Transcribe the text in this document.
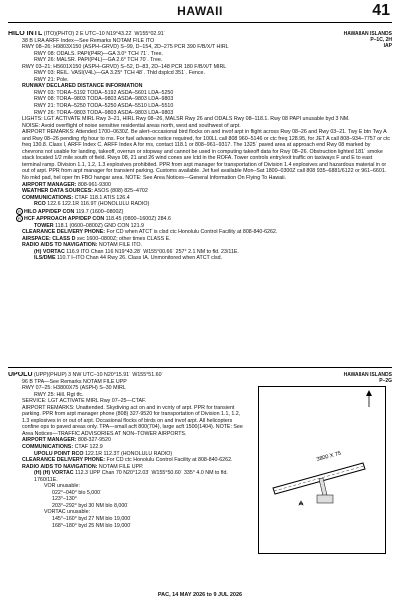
HAWAII	41
HAWAIIAN ISLANDS
P–1C, 2H
IAP
HILO INTL (ITO)(PHTO) 2 E UTC–10 N19°43.22´ W155°02.91´
38 B LRA ARFF Index—See Remarks NOTAM FILE ITO
RWY 08–26: H9803X150 (ASPH–GRVD) S–99, D–154, 2D–275 PCR 390 F/B/X/T HIRL
RWY 08: ODALS. PAPI(P4R)—GA 3.0° TCH 71´. Tree.
RWY 26: MALSR. PAPI(P4L)—GA 2.6° TCH 70´. Tree.
RWY 03–21: H5601X150 (ASPH–GRVD) S–52, D–83, 2D–148 PCR 180 F/B/X/T MIRL
RWY 03: REIL. VASI(V4L)—GA 3.25° TCH 48´. Thld dsplcd 351´. Fence.
RWY 21: Pole.
RUNWAY DECLARED DISTANCE INFORMATION
RWY 03: TORA–5192 TODA–5192 ASDA–5601 LDA–5250
RWY 08: TORA–9803 TODA–9803 ASDA–9803 LDA–9803
RWY 21: TORA–5250 TODA–5250 ASDA–5510 LDA–5510
RWY 26: TORA–9803 TODA–9803 ASDA–9803 LDA–9803
LIGHTS: LGT ACTIVATE MIRL Rwy 3–21, HIRL Rwy 08–26, MALSR Rwy 26 and ODALS Rwy 08–118.1. Rwy 08 PAPI unusable byd 3 NM.
NOISE: Avoid overflight of noise sensitive residential areas north, west and southwest of arpt.
AIRPORT REMARKS: Attended 1700–0630Z. Be alert–occasional bird flocks on and invof arpt in flight across Rwy 08–26 and Rwy 03–21. Twy E btn Twy A and Rwy 08–26 pending rfg hour to rns. For fuel advance notice required, for 100LL call 808 960–5146 or ctc freq 128.95, for JET A call 808–934–7757 or ctc freq 130.8. Class I, ARFF Index C. ARFF Index A for rns, contact 118.1 or 808–961–9317. The 1325´ paved area at approach end Rwy 08 marked by chevrons not usable for landing, takeoff, overrun or stopway and cannot be used in computing takeoff data for Rwy 08–26. Obstruction lighted 181´ smoke stack located 1/2 mile south of field. Rwys 08, 21 and 26 wind cones are lctd in the ROFA. Tower controls entry/exit traffic on taxiways F and E to east terminal ramp. Division 1.1, 1.2, 1.3 explosives prohibited. PPR from arpt manager for transportation of Division 1.4 explosives and hazardous material in or out of arpt. PPR from arpt manager for transient parking. Customs available. Jet fuel available Mon–Sat 1800–0300Z call 808 935–6881/6122 or 961–6601. No mkd pad, hel oper fm FBO hangar area. NOTE: See Area Notices—General Information On Flying To Hawaii.
AIRPORT MANAGER: 808-961-9300
WEATHER DATA SOURCES: ASOS (808) 825–4702
COMMUNICATIONS: CTAF 118.1 ATIS 126.4
RCO 122.6 122.1R 116.9T (HONOLULU RADIO)
R HILO APP/DEP CON 119.7 (1600–0800Z)
R HCF APPROACH APP/DEP CON 118.45 (0800–1600Z) 284.6
TOWER 118.1 (0600–0800Z) GND CON 121.9
CLEARANCE DELIVERY PHONE: For CD when ATCT is clsd ctc Honolulu Control Facility at 808-840-6262.
AIRSPACE: CLASS D svc 1600–0800Z; other times CLASS E.
RADIO AIDS TO NAVIGATION: NOTAM FILE ITO.
(H) VORTAC 116.9 ITO Chan 116 N19°43.28´ W155°00.66´ 257° 2.1 NM to fld. 23/11E.
ILS/DME 110.7 I–ITO Chan 44 Rwy 26. Class IA. Unmonitored when ATCT clsd.
HAWAIIAN ISLANDS
P–2G
UPOLU (UPP)(PHUP) 3 NW UTC–10 N20°15.91´ W155°51.60´
96 B TPA—See Remarks NOTAM FILE UPP
RWY 07–25: H3800X75 (ASPH) S–30 MIRL
RWY 25: Hill. Rgt tfc.
SERVICE: LGT ACTIVATE MIRL Rwy 07–25—CTAF.
AIRPORT REMARKS: Unattended. Skydiving act on and in vcnty of arpt. PPR for transient parking. PPR from arpt manager phone (808) 327-9520 for transportation of Division 1.1, 1.2, 1.3 explosives in or out of arpt. Occasional flocks of birds on and invof arpt. All helicopters confine ops to paved areas only. TPA—small acft 800(704), large acft 1500(1404). NOTE: See Area Notices—TRAFFIC ADVISORIES AT NON–TOWER AIRPORTS.
AIRPORT MANAGER: 808-327-9520
COMMUNICATIONS: CTAF 122.9
UPOLU POINT RCO 122.1R 112.3T (HONOLULU RADIO)
CLEARANCE DELIVERY PHONE: For CD ctc Honolulu Control Facility at 808-840-6262.
RADIO AIDS TO NAVIGATION: NOTAM FILE UPP.
(H) (H) VORTAC 112.3 UPP Chan 70 N20°12.03´ W155°50.60´ 335° 4.0 NM to fld. 1760/11E.
VOR unusable:
022°–040° blo 5,000´
123°–130°
203°–292° byd 30 NM blo 8,000´
VORTAC unusable:
145°–160° byd 27 NM blo 19,000´
168°–180° byd 25 NM blo 19,000´
3800 X 75
PAC, 14 MAY 2026 to 9 JUL 2026
